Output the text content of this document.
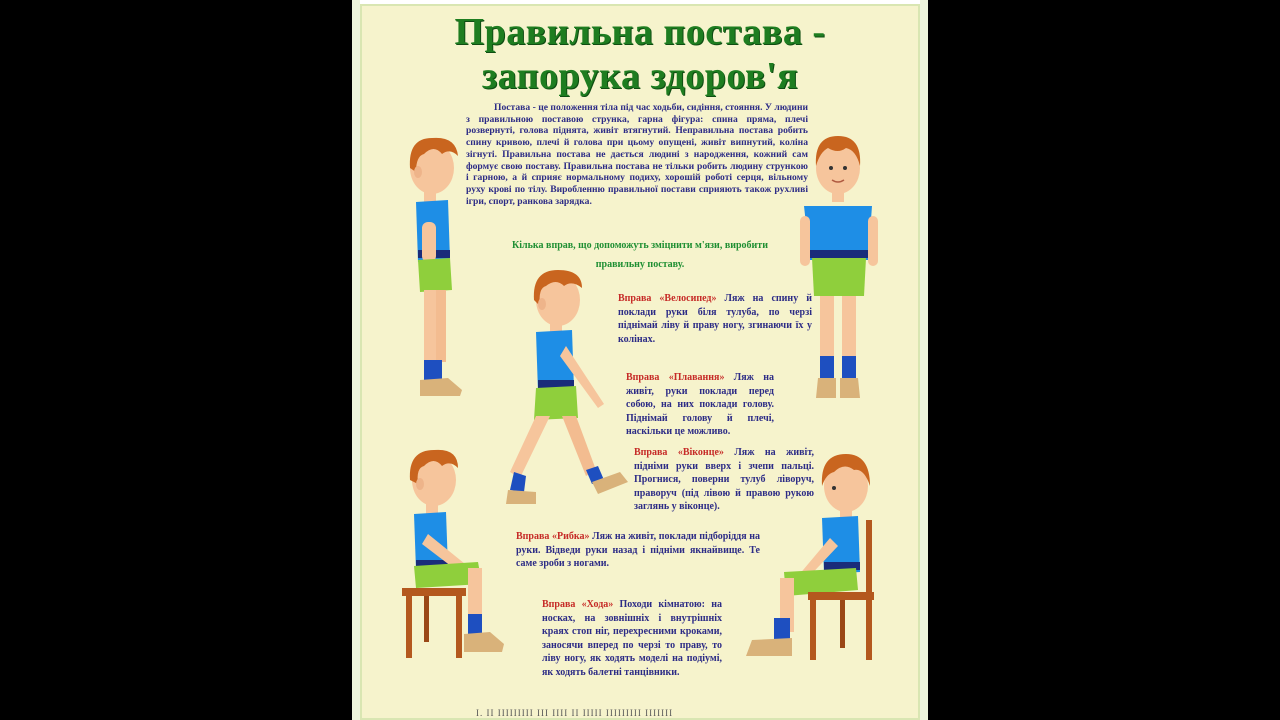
Правильна постава -
запорука здоров'я

Постава - це положення тіла під час ходьби, сидіння, стояння. У людини з правильною поставою струнка, гарна фігура: спина пряма, плечі розвернуті, голова піднята, живіт втягнутий. Неправильна постава робить спину кривою, плечі й голова при цьому опущені, живіт випнутий, коліна зігнуті. Правильна постава не дається людині з народження, кожний сам формує свою поставу. Правильна постава не тільки робить людину стрункою і гарною, а й сприяє нормальному подиху, хорошій роботі серця, вільному руху крові по тілу. Виробленню правильної постави сприяють також рухливі ігри, спорт, ранкова зарядка.

Кілька вправ, що допоможуть зміцнити м'язи, виробити

правильну поставу.

Вправа «Велосипед» Ляж на спину й поклади руки біля тулуба, по черзі піднімай ліву й праву ногу, згинаючи їх у колінах.

Вправа «Плавання» Ляж на живіт, руки поклади перед собою, на них поклади голову. Піднімай голову й плечі, наскільки це можливо.

Вправа «Віконце» Ляж на живіт, підніми руки вверх і зчепи пальці. Прогнися, поверни тулуб ліворуч, праворуч (під лівою й правою рукою заглянь у віконце).

Вправа «Рибка» Ляж на живіт, поклади підборіддя на руки. Відведи руки назад і підніми якнайвище. Те саме зроби з ногами.

Вправа «Хода» Походи кімнатою: на носках, на зовнішніх і внутрішніх краях стоп ніг, перехресними кроками, заносячи вперед по черзі то праву, то ліву ногу, як ходять моделі на подіумі, як ходять балетні танцівники.

І. ІІ ІІІІІІІІІ ІІІ ІІІІ ІІ ІІІІІ ІІІІІІІІІ ІІІІІІІ
